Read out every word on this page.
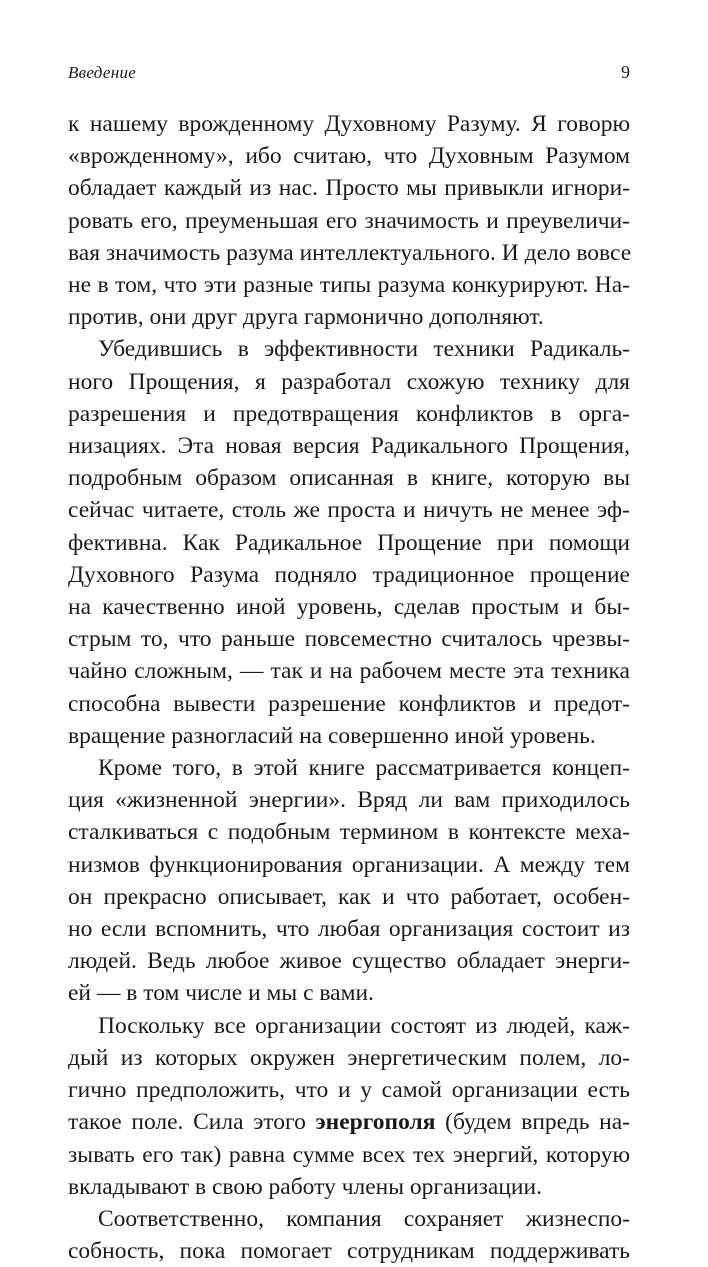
Введение	9
к нашему врожденному Духовному Разуму. Я говорю
«врожденному», ибо считаю, что Духовным Разумом
обладает каждый из нас. Просто мы привыкли игнори-
ровать его, преуменьшая его значимость и преувеличи-
вая значимость разума интеллектуального. И дело вовсе
не в том, что эти разные типы разума конкурируют. На-
против, они друг друга гармонично дополняют.
Убедившись в эффективности техники Радикаль-
ного Прощения, я разработал схожую технику для
разрешения и предотвращения конфликтов в орга-
низациях. Эта новая версия Радикального Прощения,
подробным образом описанная в книге, которую вы
сейчас читаете, столь же проста и ничуть не менее эф-
фективна. Как Радикальное Прощение при помощи
Духовного Разума подняло традиционное прощение
на качественно иной уровень, сделав простым и бы-
стрым то, что раньше повсеместно считалось чрезвы-
чайно сложным, — так и на рабочем месте эта техника
способна вывести разрешение конфликтов и предот-
вращение разногласий на совершенно иной уровень.
Кроме того, в этой книге рассматривается концеп-
ция «жизненной энергии». Вряд ли вам приходилось
сталкиваться с подобным термином в контексте меха-
низмов функционирования организации. А между тем
он прекрасно описывает, как и что работает, особен-
но если вспомнить, что любая организация состоит из
людей. Ведь любое живое существо обладает энерги-
ей — в том числе и мы с вами.
Поскольку все организации состоят из людей, каж-
дый из которых окружен энергетическим полем, ло-
гично предположить, что и у самой организации есть
такое поле. Сила этого энергополя (будем впредь на-
зывать его так) равна сумме всех тех энергий, которую
вкладывают в свою работу члены организации.
Соответственно, компания сохраняет жизнеспо-
собность, пока помогает сотрудникам поддерживать
